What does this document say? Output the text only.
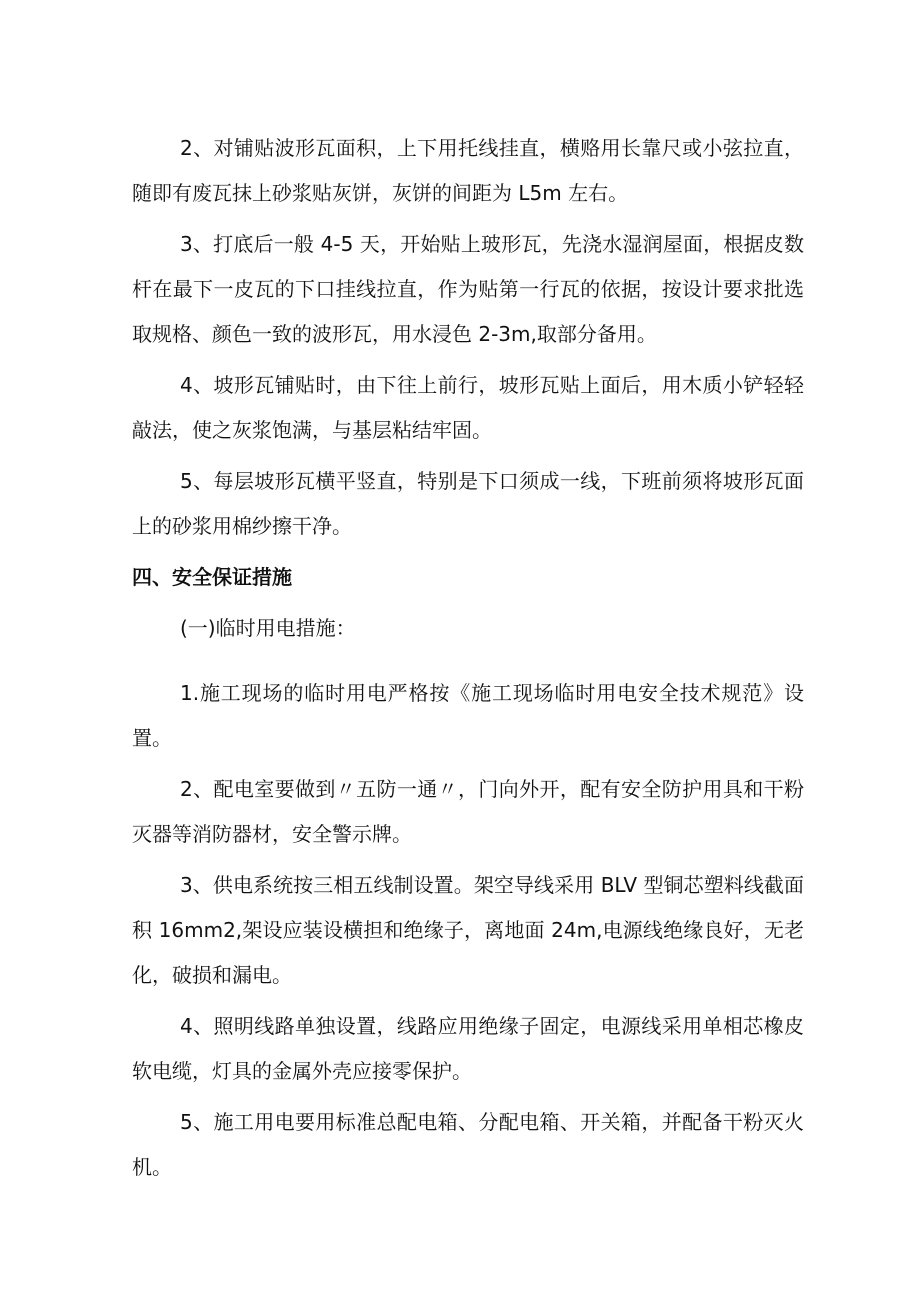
2、对铺贴波形瓦面积，上下用托线挂直，横赂用长靠尺或小弦拉直，随即有废瓦抹上砂浆贴灰饼，灰饼的间距为 L5m 左右。

3、打底后一般 4-5 天，开始贴上玻形瓦，先浇水湿润屋面，根据皮数杆在最下一皮瓦的下口挂线拉直，作为贴第一行瓦的依据，按设计要求批选取规格、颜色一致的波形瓦，用水浸色 2-3m,取部分备用。

4、坡形瓦铺贴时，由下往上前行，坡形瓦贴上面后，用木质小铲轻轻敲法，使之灰浆饱满，与基层粘结牢固。

5、每层坡形瓦横平竖直，特别是下口须成一线，下班前须将坡形瓦面上的砂浆用棉纱擦干净。

四、安全保证措施

(一)临时用电措施：

1.施工现场的临时用电严格按《施工现场临时用电安全技术规范》设置。

2、配电室要做到〃五防一通〃，门向外开，配有安全防护用具和干粉灭器等消防器材，安全警示牌。

3、供电系统按三相五线制设置。架空导线采用 BLV 型铜芯塑料线截面积 16mm2,架设应装设横担和绝缘子，离地面 24m,电源线绝缘良好，无老化，破损和漏电。

4、照明线路单独设置，线路应用绝缘子固定，电源线采用单相芯橡皮软电缆，灯具的金属外壳应接零保护。

5、施工用电要用标准总配电箱、分配电箱、开关箱，并配备干粉灭火机。
